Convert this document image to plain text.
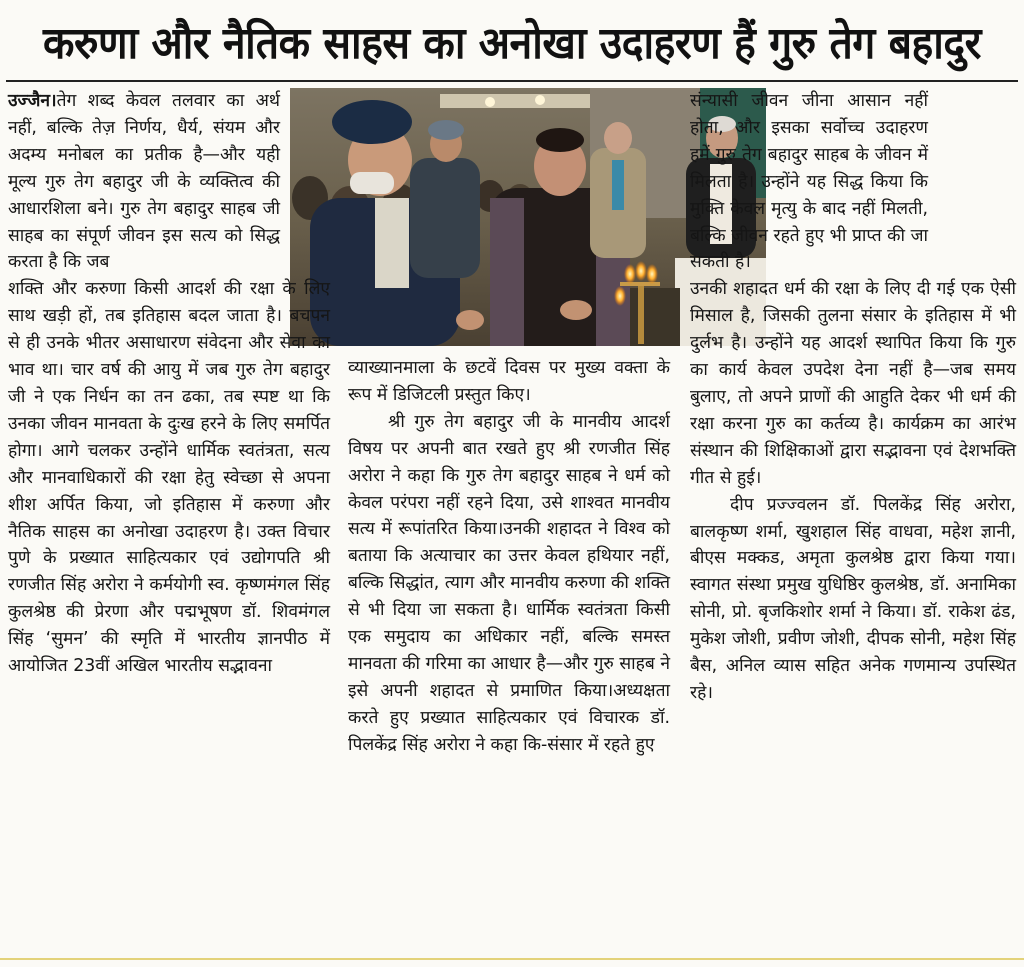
करुणा और नैतिक साहस का अनोखा उदाहरण हैं गुरु तेग बहादुर

उज्जैन।तेग शब्द केवल तलवार का अर्थ नहीं, बल्कि तेज़ निर्णय, धैर्य, संयम और अदम्य मनोबल का प्रतीक है—और यही मूल्य गुरु तेग बहादुर जी के व्यक्तित्व की आधारशिला बने। गुरु तेग बहादुर साहब जी साहब का संपूर्ण जीवन इस सत्य को सिद्ध करता है कि जब

शक्ति और करुणा किसी आदर्श की रक्षा के लिए साथ खड़ी हों, तब इतिहास बदल जाता है। बचपन से ही उनके भीतर असाधारण संवेदना और सेवा का भाव था। चार वर्ष की आयु में जब गुरु तेग बहादुर जी ने एक निर्धन का तन ढका, तब स्पष्ट था कि उनका जीवन मानवता के दुःख हरने के लिए समर्पित होगा। आगे चलकर उन्होंने धार्मिक स्वतंत्रता, सत्य और मानवाधिकारों की रक्षा हेतु स्वेच्छा से अपना शीश अर्पित किया, जो इतिहास में करुणा और नैतिक साहस का अनोखा उदाहरण है। उक्त विचार पुणे के प्रख्यात साहित्यकार एवं उद्योगपति श्री रणजीत सिंह अरोरा ने कर्मयोगी स्व. कृष्णमंगल सिंह कुलश्रेष्ठ की प्रेरणा और पद्मभूषण डॉ. शिवमंगल सिंह ‘सुमन’ की स्मृति में भारतीय ज्ञानपीठ में आयोजित 23वीं अखिल भारतीय सद्भावना

व्याख्यानमाला के छटवें दिवस पर मुख्य वक्ता के रूप में डिजिटली प्रस्तुत किए।

श्री गुरु तेग बहादुर जी के मानवीय आदर्श विषय पर अपनी बात रखते हुए श्री रणजीत सिंह अरोरा ने कहा कि गुरु तेग बहादुर साहब ने धर्म को केवल परंपरा नहीं रहने दिया, उसे शाश्वत मानवीय सत्य में रूपांतरित किया।उनकी शहादत ने विश्व को बताया कि अत्याचार का उत्तर केवल हथियार नहीं, बल्कि सिद्धांत, त्याग और मानवीय करुणा की शक्ति से भी दिया जा सकता है। धार्मिक स्वतंत्रता किसी एक समुदाय का अधिकार नहीं, बल्कि समस्त मानवता की गरिमा का आधार है—और गुरु साहब ने इसे अपनी शहादत से प्रमाणित किया।अध्यक्षता करते हुए प्रख्यात साहित्यकार एवं विचारक डॉ. पिलकेंद्र सिंह अरोरा ने कहा कि-संसार में रहते हुए

संन्यासी जीवन जीना आसान नहीं होता, और इसका सर्वोच्च उदाहरण हमें गुरु तेग बहादुर साहब के जीवन में मिलता है। उन्होंने यह सिद्ध किया कि मुक्ति केवल मृत्यु के बाद नहीं मिलती, बल्कि जीवन रहते हुए भी प्राप्त की जा सकती है।

उनकी शहादत धर्म की रक्षा के लिए दी गई एक ऐसी मिसाल है, जिसकी तुलना संसार के इतिहास में भी दुर्लभ है। उन्होंने यह आदर्श स्थापित किया कि गुरु का कार्य केवल उपदेश देना नहीं है—जब समय बुलाए, तो अपने प्राणों की आहुति देकर भी धर्म की रक्षा करना गुरु का कर्तव्य है। कार्यक्रम का आरंभ संस्थान की शिक्षिकाओं द्वारा सद्भावना एवं देशभक्ति गीत से हुई।

दीप प्रज्ज्वलन डॉ. पिलकेंद्र सिंह अरोरा, बालकृष्ण शर्मा, खुशहाल सिंह वाधवा, महेश ज्ञानी, बीएस मक्कड, अमृता कुलश्रेष्ठ द्वारा किया गया। स्वागत संस्था प्रमुख युधिष्ठिर कुलश्रेष्ठ, डॉ. अनामिका सोनी, प्रो. बृजकिशोर शर्मा ने किया। डॉ. राकेश ढंड, मुकेश जोशी, प्रवीण जोशी, दीपक सोनी, महेश सिंह बैस, अनिल व्यास सहित अनेक गणमान्य उपस्थित रहे।
